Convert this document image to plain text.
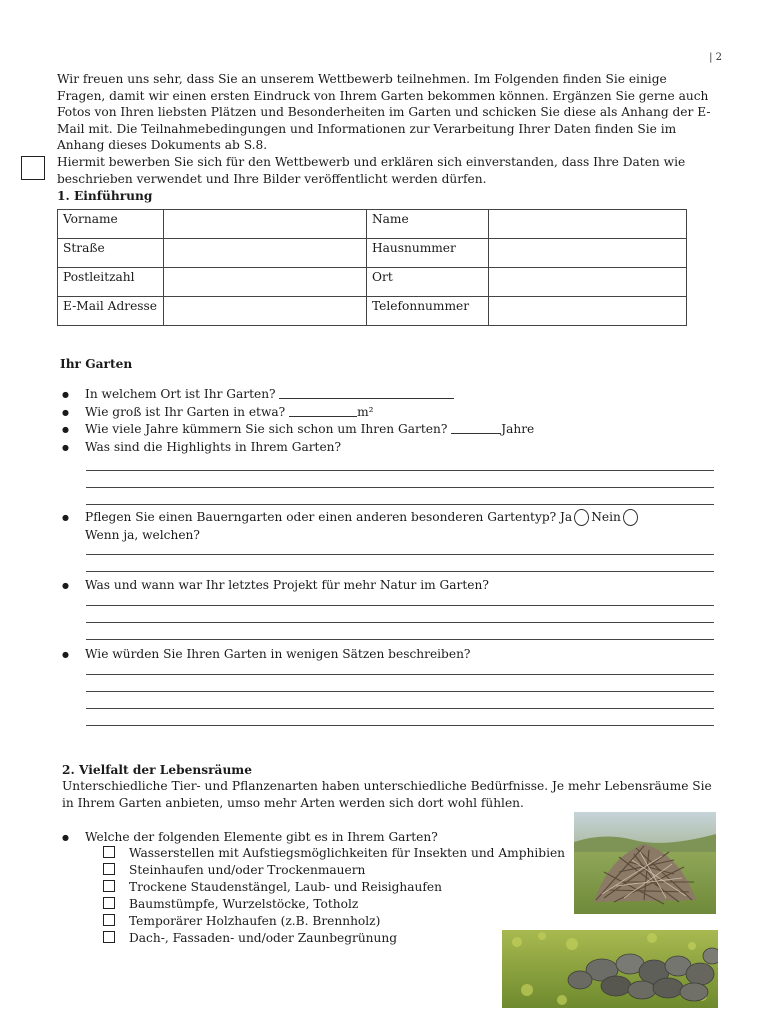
| 2
Wir freuen uns sehr, dass Sie an unserem Wettbewerb teilnehmen. Im Folgenden finden Sie einige Fragen, damit wir einen ersten Eindruck von Ihrem Garten bekommen können. Ergänzen Sie gerne auch Fotos von Ihren liebsten Plätzen und Besonderheiten im Garten und schicken Sie diese als Anhang der E-Mail mit. Die Teilnahmebedingungen und Informationen zur Verarbeitung Ihrer Daten finden Sie im Anhang dieses Dokuments ab S.8.
Hiermit bewerben Sie sich für den Wettbewerb und erklären sich einverstanden, dass Ihre Daten wie beschrieben verwendet und Ihre Bilder veröffentlicht werden dürfen.
1. Einführung
Vorname		Name	
Straße		Hausnummer	
Postleitzahl		Ort	
E-Mail Adresse		Telefonnummer	
Ihr Garten
● In welchem Ort ist Ihr Garten?
● Wie groß ist Ihr Garten in etwa?	m²
● Wie viele Jahre kümmern Sie sich schon um Ihren Garten?	Jahre
● Was sind die Highlights in Ihrem Garten?
● Pflegen Sie einen Bauerngarten oder einen anderen besonderen Gartentyp? Ja Nein
Wenn ja, welchen?
● Was und wann war Ihr letztes Projekt für mehr Natur im Garten?
● Wie würden Sie Ihren Garten in wenigen Sätzen beschreiben?
2. Vielfalt der Lebensräume
Unterschiedliche Tier- und Pflanzenarten haben unterschiedliche Bedürfnisse. Je mehr Lebensräume Sie in Ihrem Garten anbieten, umso mehr Arten werden sich dort wohl fühlen.
● Welche der folgenden Elemente gibt es in Ihrem Garten?
Wasserstellen mit Aufstiegsmöglichkeiten für Insekten und Amphibien
Steinhaufen und/oder Trockenmauern
Trockene Staudenstängel, Laub- und Reisighaufen
Baumstümpfe, Wurzelstöcke, Totholz
Temporärer Holzhaufen (z.B. Brennholz)
Dach-, Fassaden- und/oder Zaunbegrünung
